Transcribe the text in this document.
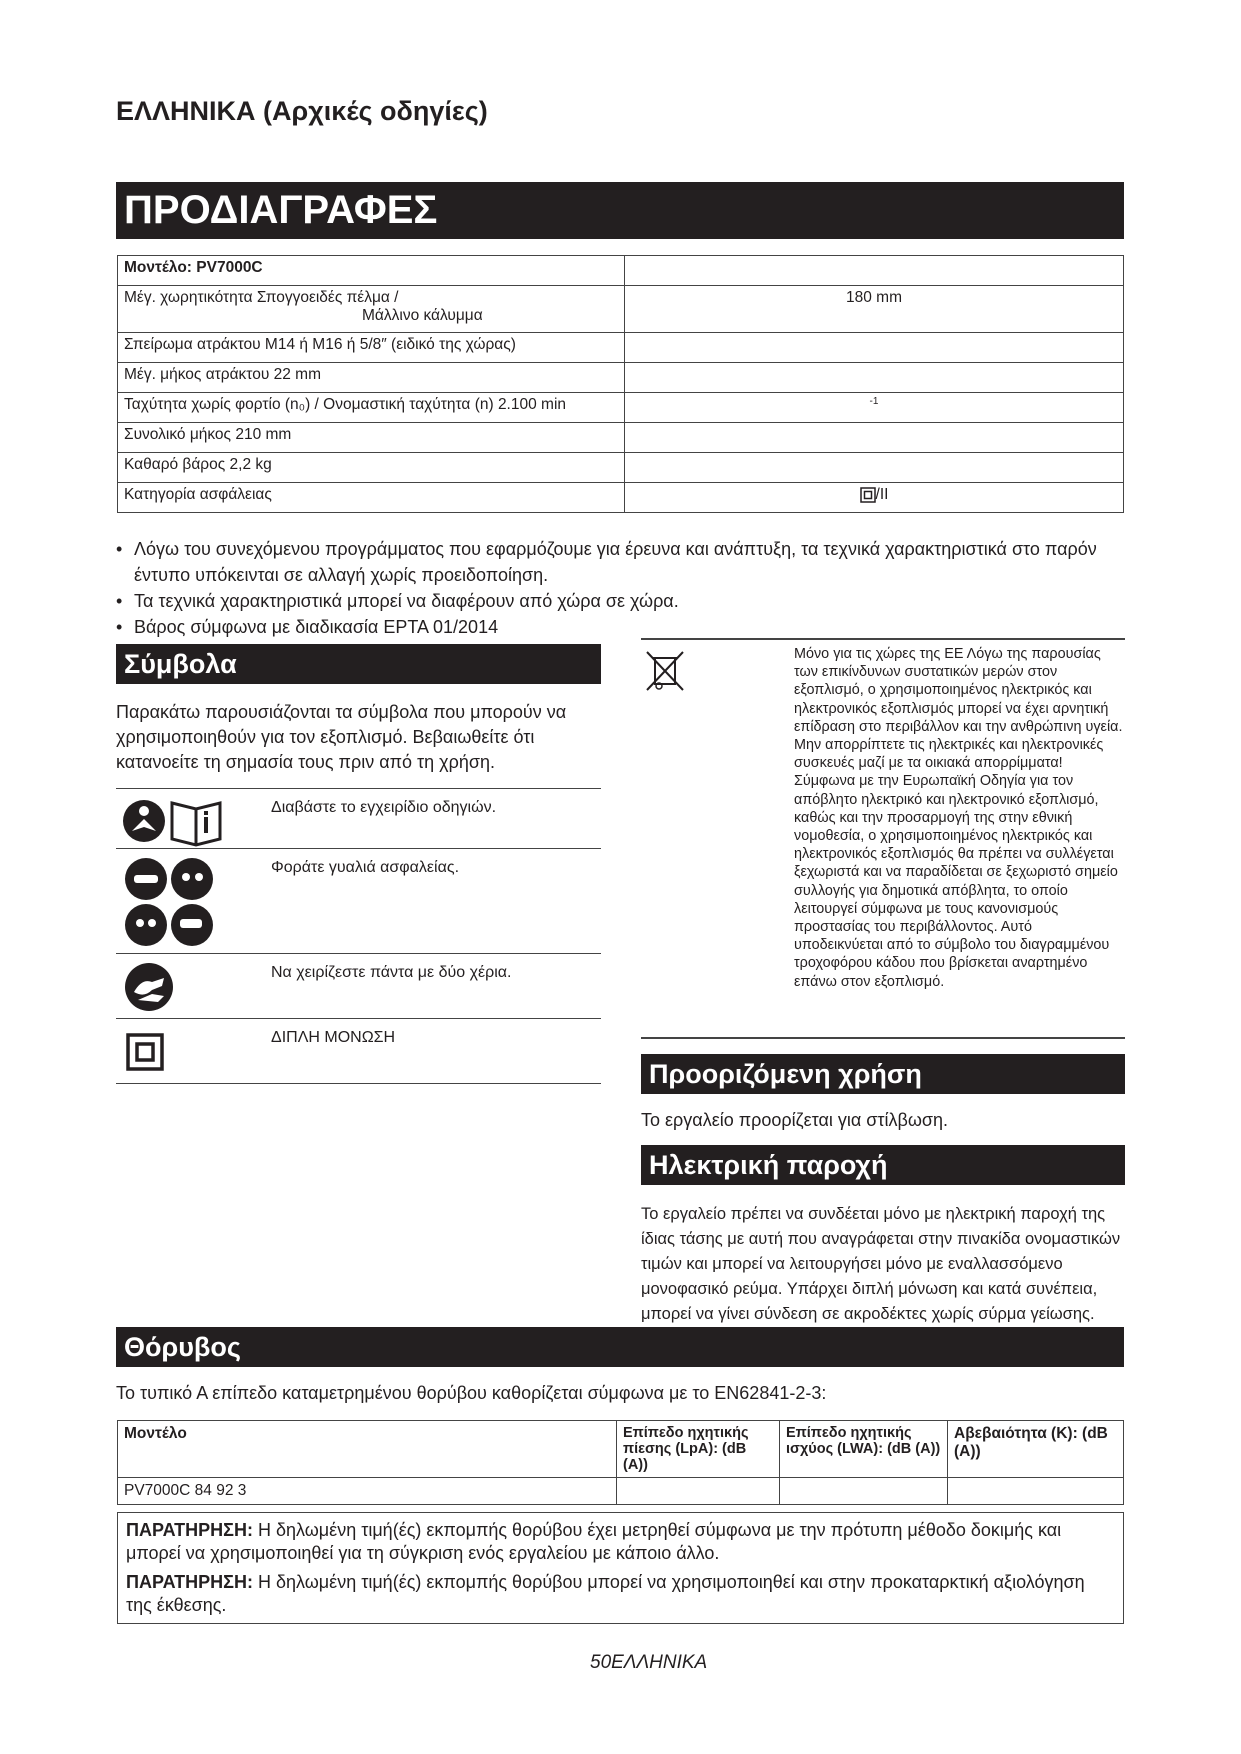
ΕΛΛΗΝΙΚΑ (Αρχικές οδηγίες)
ΠΡΟΔΙΑΓΡΑΦΕΣ
Μοντέλο: PV7000C	
Μέγ. χωρητικότητα Σπογγοειδές πέλμα /
Μάλλινο κάλυμμα	180 mm
Σπείρωμα ατράκτου M14 ή M16 ή 5/8″ (ειδικό της χώρας)	
Μέγ. μήκος ατράκτου 22 mm	
Ταχύτητα χωρίς φορτίο (n₀) / Ονομαστική ταχύτητα (n) 2.100 min	-1
Συνολικό μήκος 210 mm	
Καθαρό βάρος 2,2 kg	
Κατηγορία ασφάλειας	/II
• Λόγω του συνεχόμενου προγράμματος που εφαρμόζουμε για έρευνα και ανάπτυξη, τα τεχνικά χαρακτηριστικά στο παρόν έντυπο υπόκεινται σε αλλαγή χωρίς προειδοποίηση.
• Τα τεχνικά χαρακτηριστικά μπορεί να διαφέρουν από χώρα σε χώρα.
• Βάρος σύμφωνα με διαδικασία EPTA 01/2014
Σύμβολα
Παρακάτω παρουσιάζονται τα σύμβολα που μπορούν να χρησιμοποιηθούν για τον εξοπλισμό. Βεβαιωθείτε ότι κατανοείτε τη σημασία τους πριν από τη χρήση.
Διαβάστε το εγχειρίδιο οδηγιών.
Φοράτε γυαλιά ασφαλείας.
Να χειρίζεστε πάντα με δύο χέρια.
ΔΙΠΛΗ ΜΟΝΩΣΗ
Μόνο για τις χώρες της ΕΕ Λόγω της παρουσίας των επικίνδυνων συστατικών μερών στον εξοπλισμό, ο χρησιμοποιημένος ηλεκτρικός και ηλεκτρονικός εξοπλισμός μπορεί να έχει αρνητική επίδραση στο περιβάλλον και την ανθρώπινη υγεία. Μην απορρίπτετε τις ηλεκτρικές και ηλεκτρονικές συσκευές μαζί με τα οικιακά απορρίμματα! Σύμφωνα με την Ευρωπαϊκή Οδηγία για τον απόβλητο ηλεκτρικό και ηλεκτρονικό εξοπλισμό, καθώς και την προσαρμογή της στην εθνική νομοθεσία, ο χρησιμοποιημένος ηλεκτρικός και ηλεκτρονικός εξοπλισμός θα πρέπει να συλλέγεται ξεχωριστά και να παραδίδεται σε ξεχωριστό σημείο συλλογής για δημοτικά απόβλητα, το οποίο λειτουργεί σύμφωνα με τους κανονισμούς προστασίας του περιβάλλοντος. Αυτό υποδεικνύεται από το σύμβολο του διαγραμμένου τροχοφόρου κάδου που βρίσκεται αναρτημένο επάνω στον εξοπλισμό.
Προοριζόμενη χρήση
Το εργαλείο προορίζεται για στίλβωση.
Ηλεκτρική παροχή
Το εργαλείο πρέπει να συνδέεται μόνο με ηλεκτρική παροχή της ίδιας τάσης με αυτή που αναγράφεται στην πινακίδα ονομαστικών τιμών και μπορεί να λειτουργήσει μόνο με εναλλασσόμενο μονοφασικό ρεύμα. Υπάρχει διπλή μόνωση και κατά συνέπεια, μπορεί να γίνει σύνδεση σε ακροδέκτες χωρίς σύρμα γείωσης.
Θόρυβος
Το τυπικό Α επίπεδο καταμετρημένου θορύβου καθορίζεται σύμφωνα με το EN62841-2-3:
Μοντέλο	Επίπεδο ηχητικής πίεσης (LpA): (dB (A))	Επίπεδο ηχητικής ισχύος (LWA): (dB (A))	Αβεβαιότητα (K): (dB (A))
PV7000C 84 92 3			

ΠΑΡΑΤΗΡΗΣΗ: Η δηλωμένη τιμή(ές) εκπομπής θορύβου έχει μετρηθεί σύμφωνα με την πρότυπη μέθοδο δοκιμής και μπορεί να χρησιμοποιηθεί για τη σύγκριση ενός εργαλείου με κάποιο άλλο.

ΠΑΡΑΤΗΡΗΣΗ: Η δηλωμένη τιμή(ές) εκπομπής θορύβου μπορεί να χρησιμοποιηθεί και στην προκαταρκτική αξιολόγηση της έκθεσης.

50ΕΛΛΗΝΙΚΑ
